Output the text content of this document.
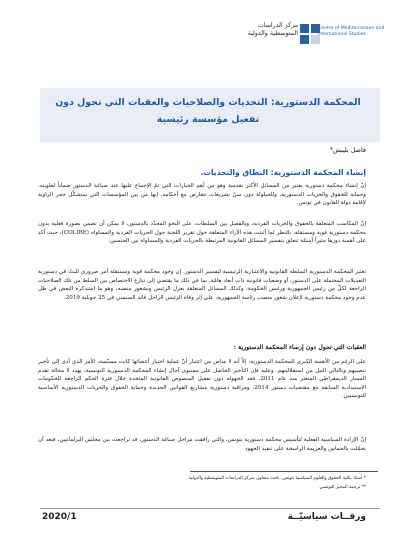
مركز الدراسات المتوسطية والدولية
Centre of Mediterranean and International Studies
المحكمة الدستورية: التحديات والصلاحيات والعقبات التي تحول دون تفعيل مؤسسة رئيسية
فاضل بليبش*
إنشاء المحكمة الدستورية: النطاق والتحديات.

إنّ إنشاء محكمة دستورية يعتبر من المسائل الأكثر تقدمية وهو من أهم الخيارات التي تمّ الإجماع عليها عند صياغة الدستور ضماناً لعلويته، وحماية للحقوق والحريات الدستورية، وللحيلولة دون سنّ تشريعات تتعارض مع أحكامه. إنها من بين المؤسسات التي ستشكّل حجر الزاوية لإقامة دولة القانون في تونس.

إنّ المكاسب المتعلقة بالحقوق والحريات الفردية، وبالفصل بين السلطات، على النحو المحدّد بالدستور، لا يمكن أن تضمن بصورة فعلية بدون محكمة دستورية قوية ومستقلة، بالنظر لما أثبتت هذه الآراء المتعلقة حول تقرير اللجنة حول الحريات الفردية والمساواة (COLIBE)، حيث أكد على أهمية دورها مثيراً أسئلة تتعلق بتفسير المسائل القانونية المرتبطة بالحريات الفردية والمساواة بين الجنسين.

تعتبر المحكمة الدستورية السلطة القانونية والاعتبارية الرئيسية لتفسير الدستور. إن وجود محكمة قوية ومستقلة أمر ضروري للبتّ في دستورية التعديلات المحتملة على الدستور، أو وضعيات قانونية ذات أبعاد هامّة، بما في ذلك ما يقتضي إلى تنازع الاختصاص بين السلط من تلك الصلاحيات الراجعة لكلّ من رئيس الجمهورية ورئيس الحكومة، وكذلك المسائل المتعلقة بعزل الرئيس وبشغور منصبه، وهو ما استذكره البعض في ظل عدم وجود محكمة دستورية لإعلان شغور منصب رئاسة الجمهورية، على إثر وفاة الرئيس الراحل قايد السبسي في 25 جويلية 2019.

العقبات التي تحول دون إرساء المحكمة الدستورية :

على الرغم من الأهمية الكبرى للمحكمة الدستورية، إلاّ أنه لا مناص من اعتبار أنّ عملية اختيار أعضائها كانت مسيّسة، الأمر الذي أدى إلى تأخير تنصيبهم وبالتالي النيل من استقلاليتهم. وعليه فإن التأخير الحاصل على مستوى آجال إنشاء المحكمة الدستورية التونسية، يهدد لا محالة تقدم المسار الديمقراطي المتعثر منذ عام 2011. فقد الجهولة دون تفعيل المنصوص القانونية المتخذة خلال فترة الحكم الراجعة للحكومات الاستبدادية السابقة مع مقتضيات دستور 2014، ومراقبة دستورية مشاريع القوانين الجديدة وحماية الحقوق والحريات الدستورية الأساسية للتونسيين.

إنّ الإرادة السياسية الفعلية لتأسيس محكمة دستورية بتونس، والتي رافقت مراحل صياغة الدستور، قد تراجعت بين مجلس البرلمانيين، فبعد أن تحمّلت بالحماس والعزيمة الراسخة على تنفيذ الجهود

* أستاذ بكلية الحقوق والعلوم السياسية بتونس، باحث متعاون بمركز الدراسات المتوسطية والدولية
** ترجمة المخبر التونسي
ورقــات سياسيّــة
2020/1
